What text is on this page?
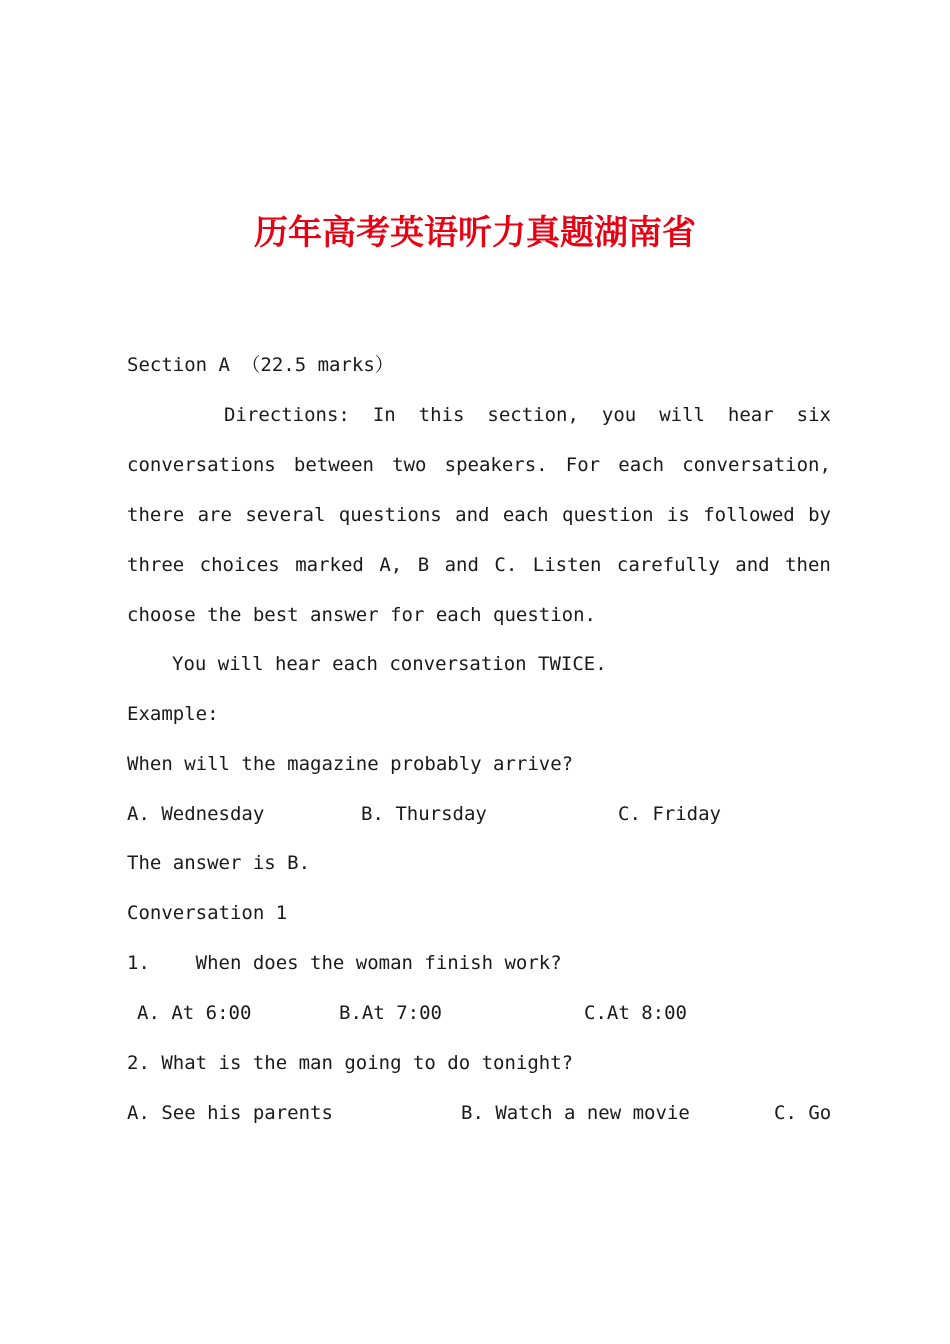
历年高考英语听力真题湖南省
Section A （22.5 marks）
Directions: In this section, you will hear six
conversations between two speakers. For each conversation,
there are several questions and each question is followed by
three choices marked A, B and C. Listen carefully and then
choose the best answer for each question.
You will hear each conversation TWICE.
Example:
When will the magazine probably arrive?

A. Wednesday

	B. Thursday

	C. Friday

The answer is B.
Conversation 1
1.    When does the woman finish work?

A. At 6:00

	B.At 7:00

	C.At 8:00

2. What is the man going to do tonight?

A. See his parents

	B. Watch a new movie

	C. Go
